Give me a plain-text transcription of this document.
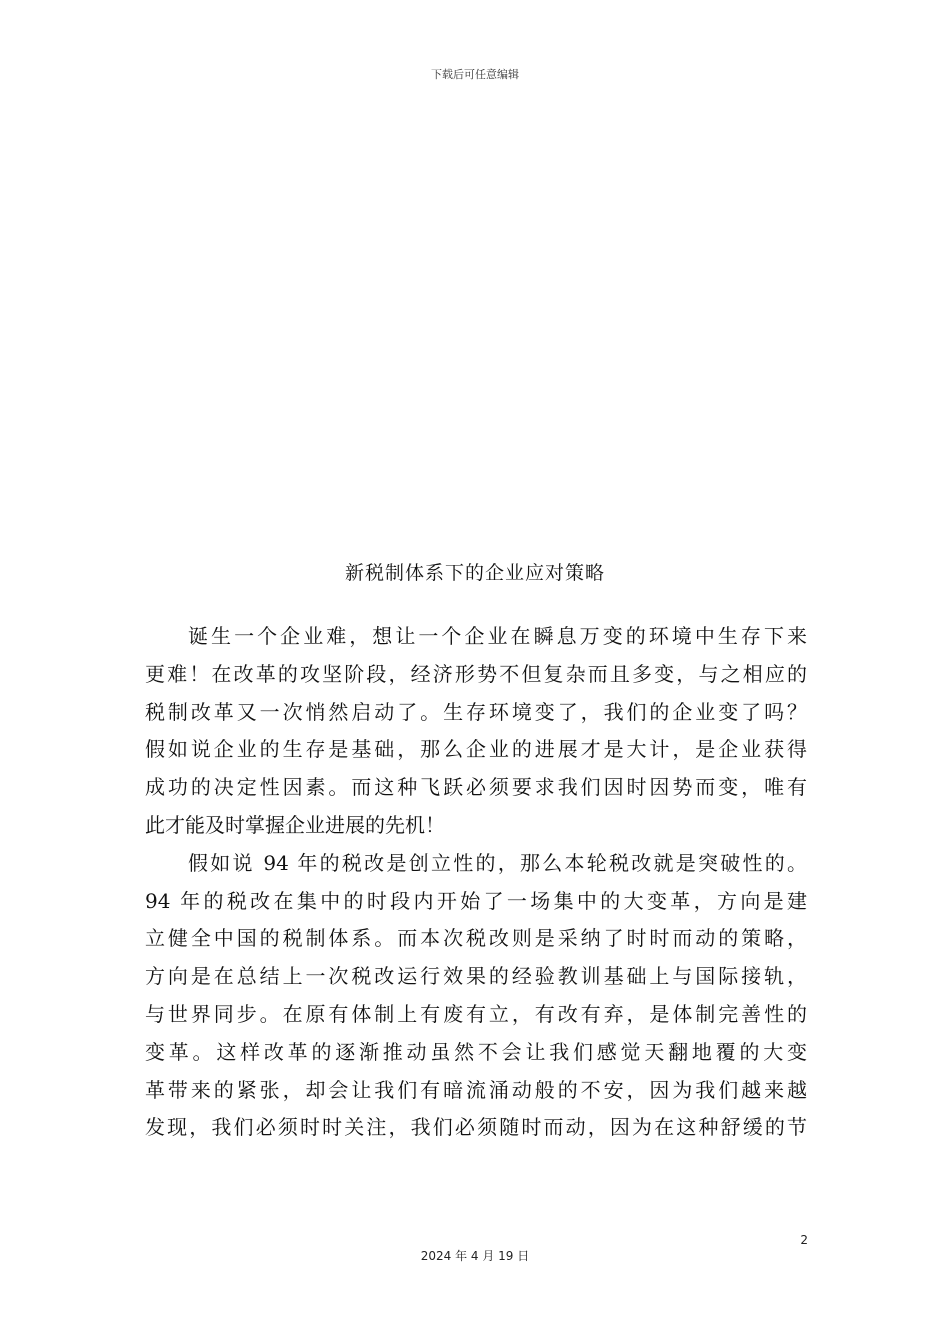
下载后可任意编辑
新税制体系下的企业应对策略
诞生一个企业难，想让一个企业在瞬息万变的环境中生存下来
更难！在改革的攻坚阶段，经济形势不但复杂而且多变，与之相应的
税制改革又一次悄然启动了。生存环境变了，我们的企业变了吗？
假如说企业的生存是基础，那么企业的进展才是大计，是企业获得
成功的决定性因素。而这种飞跃必须要求我们因时因势而变，唯有
此才能及时掌握企业进展的先机！
假如说 94 年的税改是创立性的，那么本轮税改就是突破性的。
94 年的税改在集中的时段内开始了一场集中的大变革，方向是建
立健全中国的税制体系。而本次税改则是采纳了时时而动的策略，
方向是在总结上一次税改运行效果的经验教训基础上与国际接轨，
与世界同步。在原有体制上有废有立，有改有弃，是体制完善性的
变革。这样改革的逐渐推动虽然不会让我们感觉天翻地覆的大变
革带来的紧张，却会让我们有暗流涌动般的不安，因为我们越来越
发现，我们必须时时关注，我们必须随时而动，因为在这种舒缓的节
2
2024 年 4 月 19 日
